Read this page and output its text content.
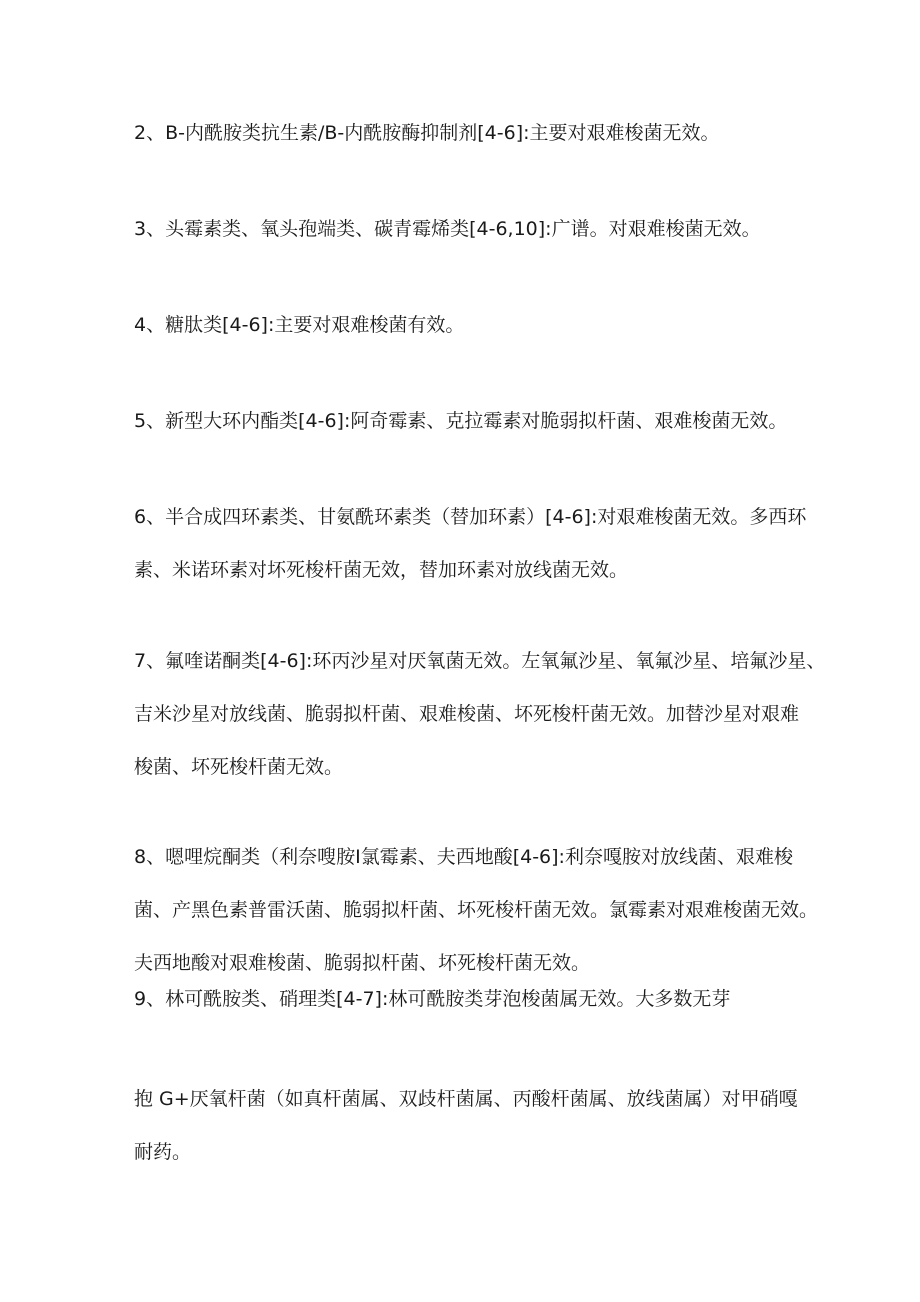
2、B-内酰胺类抗生素/B-内酰胺酶抑制剂[4-6]:主要对艰难梭菌无效。
3、头霉素类、氧头孢端类、碳青霉烯类[4-6,10]:广谱。对艰难梭菌无效。
4、糖肽类[4-6]:主要对艰难梭菌有效。
5、新型大环内酯类[4-6]:阿奇霉素、克拉霉素对脆弱拟杆菌、艰难梭菌无效。
6、半合成四环素类、甘氨酰环素类（替加环素）[4-6]:对艰难梭菌无效。多西环
素、米诺环素对坏死梭杆菌无效，替加环素对放线菌无效。
7、氟喹诺酮类[4-6]:环丙沙星对厌氧菌无效。左氧氟沙星、氧氟沙星、培氟沙星、
吉米沙星对放线菌、脆弱拟杆菌、艰难梭菌、坏死梭杆菌无效。加替沙星对艰难
梭菌、坏死梭杆菌无效。
8、嗯哩烷酮类（利奈嗖胺I氯霉素、夫西地酸[4-6]:利奈嘎胺对放线菌、艰难梭
菌、产黑色素普雷沃菌、脆弱拟杆菌、坏死梭杆菌无效。氯霉素对艰难梭菌无效。
夫西地酸对艰难梭菌、脆弱拟杆菌、坏死梭杆菌无效。
9、林可酰胺类、硝理类[4-7]:林可酰胺类芽泡梭菌属无效。大多数无芽
抱 G+厌氧杆菌（如真杆菌属、双歧杆菌属、丙酸杆菌属、放线菌属）对甲硝嘎
耐药。
